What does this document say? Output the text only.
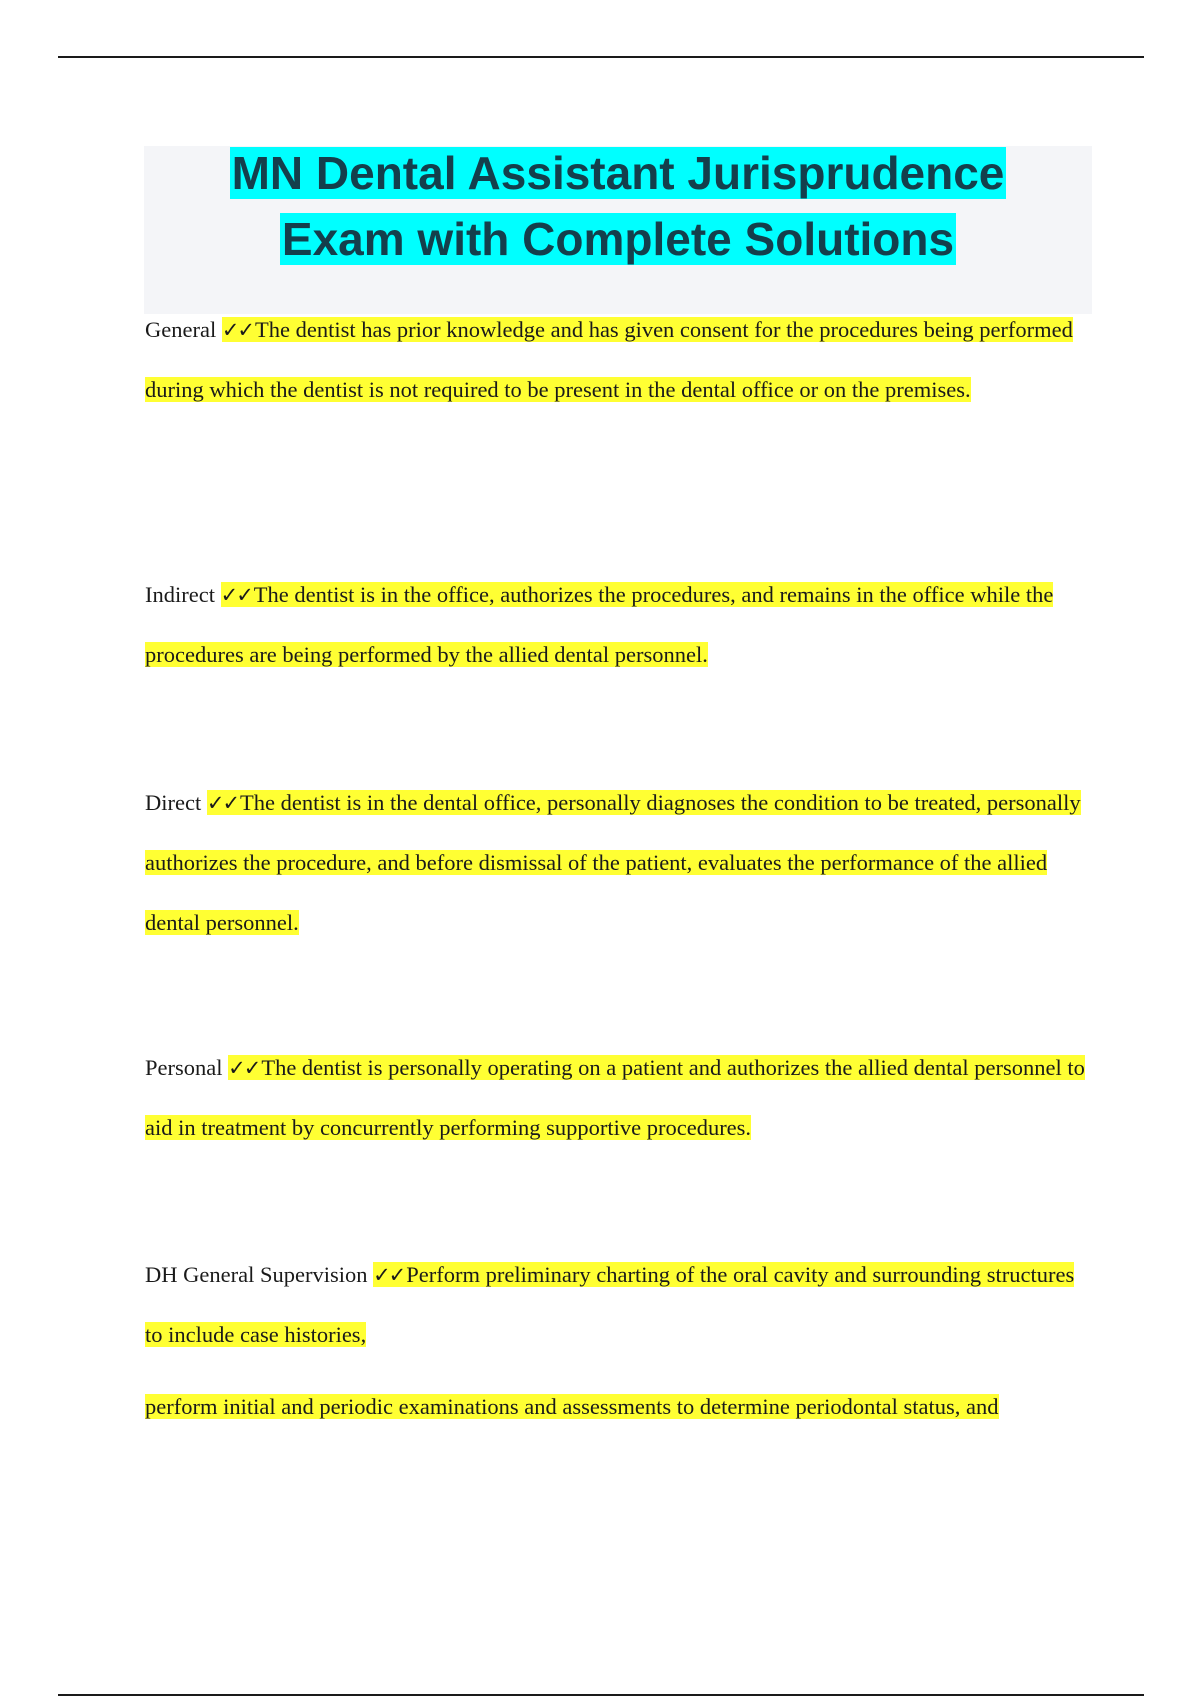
MN Dental Assistant Jurisprudence
Exam with Complete Solutions

General ✓✓The dentist has prior knowledge and has given consent for the procedures being performed during which the dentist is not required to be present in the dental office or on the premises.

Indirect ✓✓The dentist is in the office, authorizes the procedures, and remains in the office while the procedures are being performed by the allied dental personnel.

Direct ✓✓The dentist is in the dental office, personally diagnoses the condition to be treated, personally authorizes the procedure, and before dismissal of the patient, evaluates the performance of the allied dental personnel.

Personal ✓✓The dentist is personally operating on a patient and authorizes the allied dental personnel to aid in treatment by concurrently performing supportive procedures.

DH General Supervision ✓✓Perform preliminary charting of the oral cavity and surrounding structures to include case histories,

perform initial and periodic examinations and assessments to determine periodontal status, and
